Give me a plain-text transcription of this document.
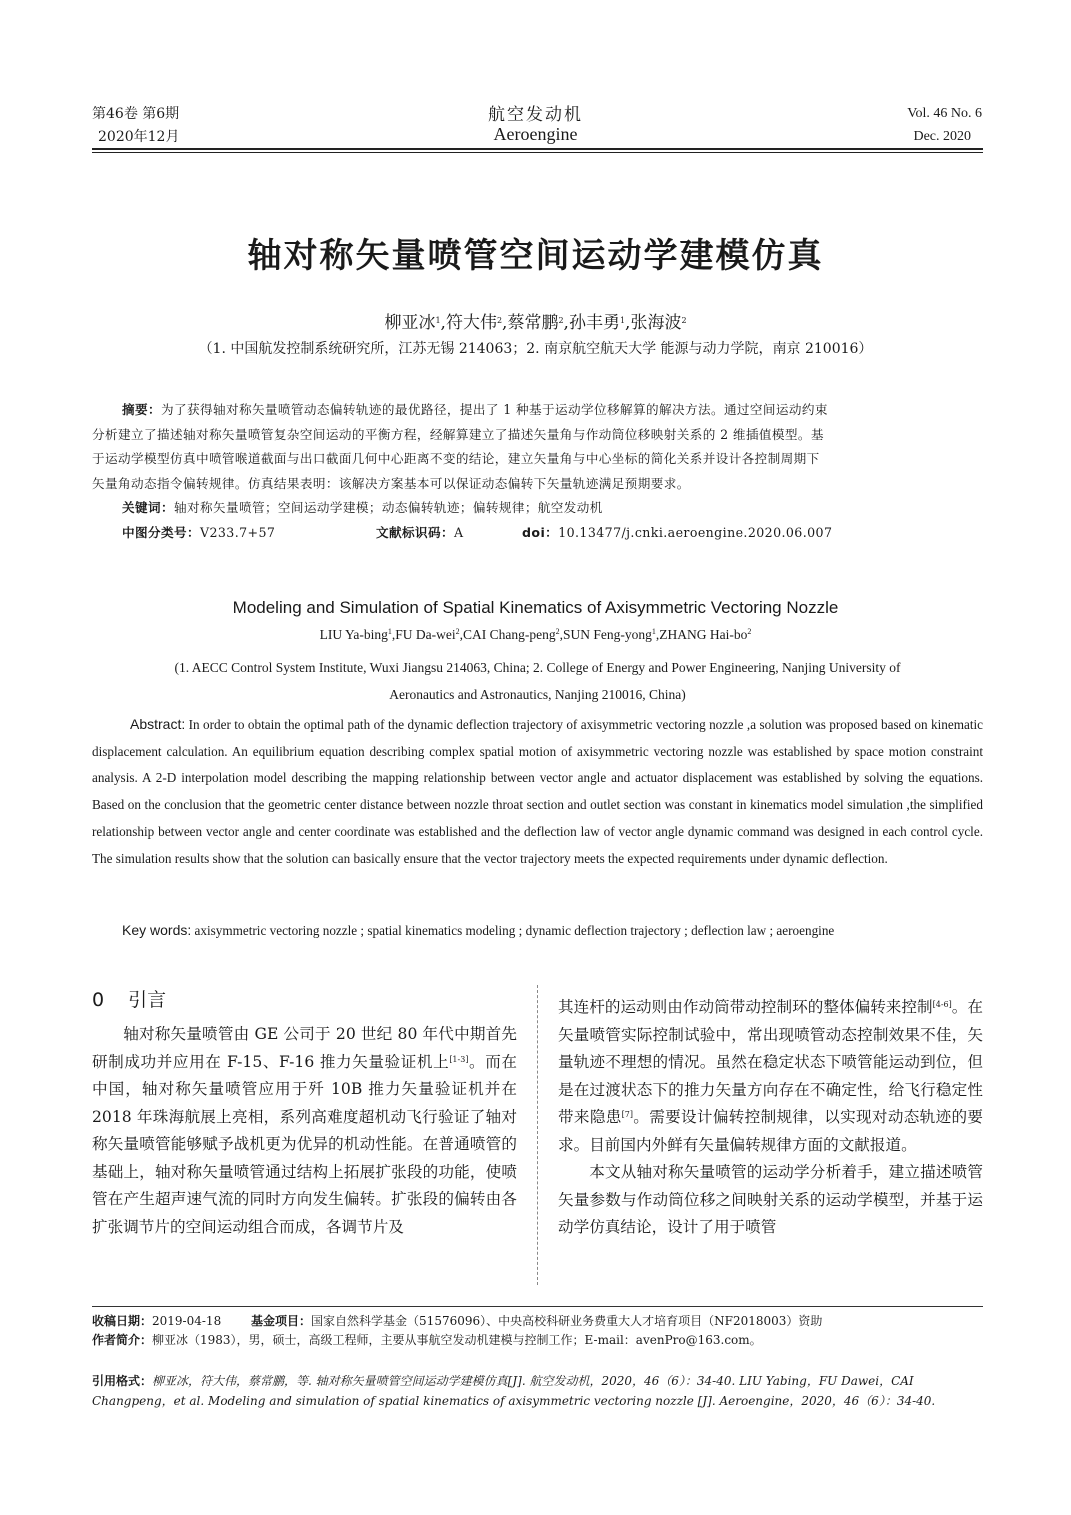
第46卷 第6期
2020年12月
航空发动机
Aeroengine
Vol. 46 No. 6
Dec. 2020
轴对称矢量喷管空间运动学建模仿真
柳亚冰$^1$,符大伟$^2$,蔡常鹏$^2$,孙丰勇$^1$,张海波$^2$
（1. 中国航发控制系统研究所，江苏无锡 214063；2. 南京航空航天大学 能源与动力学院，南京 210016）
摘要：为了获得轴对称矢量喷管动态偏转轨迹的最优路径，提出了 1 种基于运动学位移解算的解决方法。通过空间运动约束
分析建立了描述轴对称矢量喷管复杂空间运动的平衡方程，经解算建立了描述矢量角与作动筒位移映射关系的 2 维插值模型。基
于运动学模型仿真中喷管喉道截面与出口截面几何中心距离不变的结论，建立矢量角与中心坐标的简化关系并设计各控制周期下
矢量角动态指令偏转规律。仿真结果表明：该解决方案基本可以保证动态偏转下矢量轨迹满足预期要求。
关键词：轴对称矢量喷管；空间运动学建模；动态偏转轨迹；偏转规律；航空发动机
中图分类号：V233.7+57	文献标识码：A	doi：10.13477/j.cnki.aeroengine.2020.06.007
Modeling and Simulation of Spatial Kinematics of Axisymmetric Vectoring Nozzle
LIU Ya-bing$^1$,FU Da-wei$^2$,CAI Chang-peng$^2$,SUN Feng-yong$^1$,ZHANG Hai-$bo^2$
(1. AECC Control System Institute, Wuxi Jiangsu 214063, China; 2. College of Energy and Power Engineering, Nanjing University of
Aeronautics and Astronautics, Nanjing 210016, China)
Abstract: In order to obtain the optimal path of the dynamic deflection trajectory of axisymmetric vectoring nozzle ,a solution was proposed based on kinematic displacement calculation. An equilibrium equation describing complex spatial motion of axisymmetric vectoring nozzle was established by space motion constraint analysis. A 2-D interpolation model describing the mapping relationship between vector angle and actuator displacement was established by solving the equations. Based on the conclusion that the geometric center distance between nozzle throat section and outlet section was constant in kinematics model simulation ,the simplified relationship between vector angle and center coordinate was established and the deflection law of vector angle dynamic command was designed in each control cycle. The simulation results show that the solution can basically ensure that the vector trajectory meets the expected requirements under dynamic deflection.
Key words: axisymmetric vectoring nozzle ; spatial kinematics modeling ; dynamic deflection trajectory ; deflection law ; aeroengine
0 引言

轴对称矢量喷管由 GE 公司于 20 世纪 80 年代中期首先研制成功并应用在 F-15、F-16 推力矢量验证机上[1-3]。而在中国，轴对称矢量喷管应用于歼 10B 推力矢量验证机并在 2018 年珠海航展上亮相，系列高难度超机动飞行验证了轴对称矢量喷管能够赋予战机更为优异的机动性能。在普通喷管的基础上，轴对称矢量喷管通过结构上拓展扩张段的功能，使喷管在产生超声速气流的同时方向发生偏转。扩张段的偏转由各扩张调节片的空间运动组合而成，各调节片及

其连杆的运动则由作动筒带动控制环的整体偏转来控制[4-6]。在矢量喷管实际控制试验中，常出现喷管动态控制效果不佳，矢量轨迹不理想的情况。虽然在稳定状态下喷管能运动到位，但是在过渡状态下的推力矢量方向存在不确定性，给飞行稳定性带来隐患[7]。需要设计偏转控制规律，以实现对动态轨迹的要求。目前国内外鲜有矢量偏转规律方面的文献报道。

本文从轴对称矢量喷管的运动学分析着手，建立描述喷管矢量参数与作动筒位移之间映射关系的运动学模型，并基于运动学仿真结论，设计了用于喷管

收稿日期：2019-04-18 基金项目：国家自然科学基金（51576096）、中央高校科研业务费重大人才培育项目（NF2018003）资助
作者简介：柳亚冰（1983），男，硕士，高级工程师，主要从事航空发动机建模与控制工作；E-mail：avenPro@163.com。
引用格式：柳亚冰，符大伟，蔡常鹏，等. 轴对称矢量喷管空间运动学建模仿真[J]. 航空发动机，2020，46（6）：34-40. LIU Yabing，FU Dawei，CAI Changpeng，et al. Modeling and simulation of spatial kinematics of axisymmetric vectoring nozzle [J]. Aeroengine，2020，46（6）：34-40.
